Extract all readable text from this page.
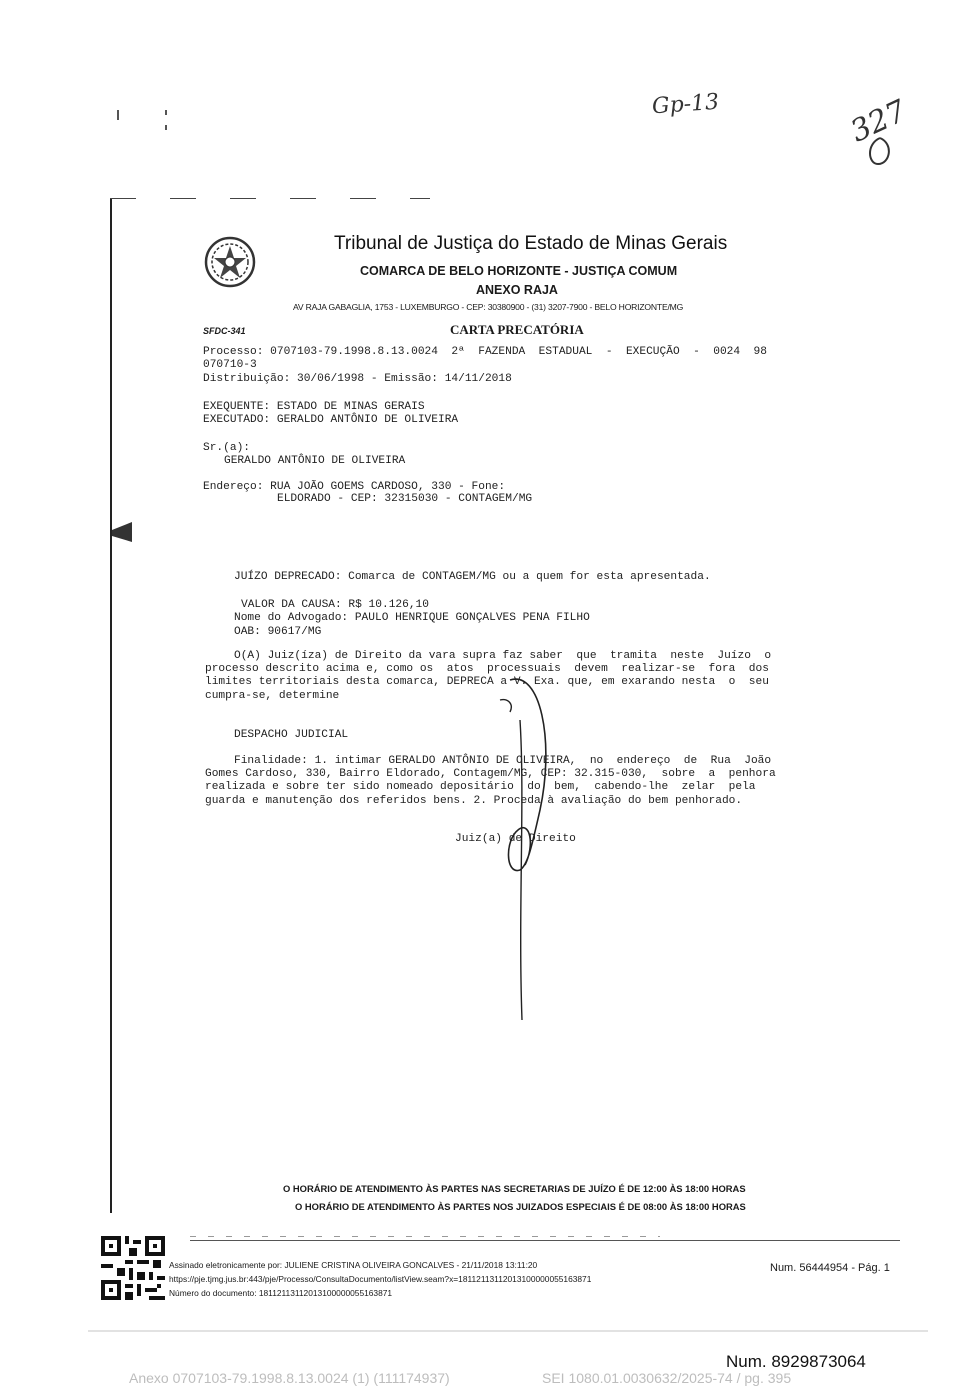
Gp-13	327
Tribunal de Justiça do Estado de Minas Gerais
COMARCA DE BELO HORIZONTE - JUSTIÇA COMUM
ANEXO RAJA
AV RAJA GABAGLIA, 1753 - LUXEMBURGO - CEP: 30380900 - (31) 3207-7900 - BELO HORIZONTE/MG
SFDC-341	CARTA PRECATÓRIA
Processo: 0707103-79.1998.8.13.0024  2ª  FAZENDA  ESTADUAL  -  EXECUÇÃO  -  0024  98
070710-3
Distribuição: 30/06/1998 - Emissão: 14/11/2018
EXEQUENTE: ESTADO DE MINAS GERAIS
EXECUTADO: GERALDO ANTÔNIO DE OLIVEIRA
Sr.(a):
GERALDO ANTÔNIO DE OLIVEIRA
Endereço: RUA JOÃO GOEMS CARDOSO, 330 - Fone:
ELDORADO - CEP: 32315030 - CONTAGEM/MG
JUÍZO DEPRECADO: Comarca de CONTAGEM/MG ou a quem for esta apresentada.
VALOR DA CAUSA: R$ 10.126,10
Nome do Advogado: PAULO HENRIQUE GONÇALVES PENA FILHO
OAB: 90617/MG
O(A) Juiz(íza) de Direito da vara supra faz saber  que  tramita  neste  Juízo  o
processo descrito acima e, como os  atos  processuais  devem  realizar-se  fora  dos
limites territoriais desta comarca, DEPRECA a V. Exa. que, em exarando nesta  o  seu
cumpra-se, determine
DESPACHO JUDICIAL
Finalidade: 1. intimar GERALDO ANTÔNIO DE OLIVEIRA,  no  endereço  de  Rua  João
Gomes Cardoso, 330, Bairro Eldorado, Contagem/MG, CEP: 32.315-030,  sobre  a  penhora
realizada e sobre ter sido nomeado depositário  do  bem,  cabendo-lhe  zelar  pela
guarda e manutenção dos referidos bens. 2. Proceda à avaliação do bem penhorado.
Juiz(a) de Direito
O HORÁRIO DE ATENDIMENTO ÀS PARTES NAS SECRETARIAS DE JUÍZO É DE 12:00 ÀS 18:00 HORAS
O HORÁRIO DE ATENDIMENTO ÀS PARTES NOS JUIZADOS ESPECIAIS É DE 08:00 ÀS 18:00 HORAS
Assinado eletronicamente por: JULIENE CRISTINA OLIVEIRA GONCALVES - 21/11/2018 13:11:20
https://pje.tjmg.jus.br:443/pje/Processo/ConsultaDocumento/listView.seam?x=18112113112013100000055163871
Número do documento: 18112113112013100000055163871
Num. 56444954 - Pág. 1
Num. 8929873064
Anexo 0707103-79.1998.8.13.0024 (1) (111174937)	SEI 1080.01.0030632/2025-74 / pg. 395
